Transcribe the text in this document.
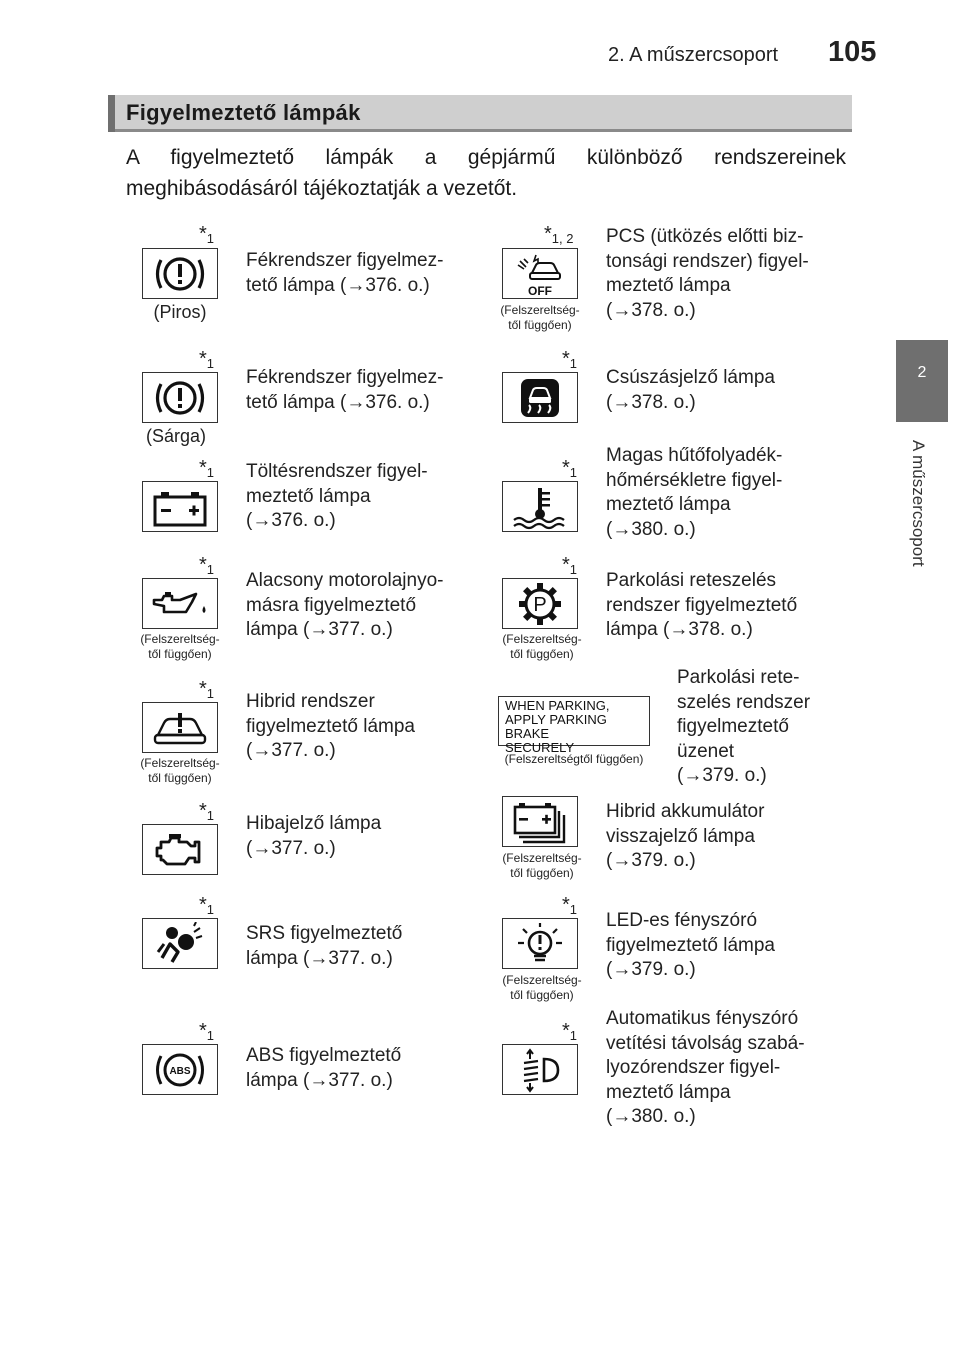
2. A műszercsoport 105
2
A műszercsoport
Figyelmeztető lámpák
A figyelmeztető lámpák a gépjármű különböző rendszereinek meghibásodásáról tájékoztatják a vezetőt.
$*_1$
(Piros)
Fékrendszer figyelmez-
tető lámpa (→376. o.)
$*_{1, 2}$
OFF
(Felszereltség-
től függően)
PCS (ütközés előtti biz-
tonsági rendszer) figyel-
meztető lámpa
(→378. o.)
$*_1$
(Sárga)
Fékrendszer figyelmez-
tető lámpa (→376. o.)
$*_1$
Csúszásjelző lámpa
(→378. o.)
$*_1$ Töltésrendszer figyel-
meztető lámpa
(→376. o.)
$*_1$
Magas hűtőfolyadék-
hőmérsékletre figyel-
meztető lámpa
(→380. o.)
$*_1$
(Felszereltség-
től függően)
Alacsony motorolajnyo-
másra figyelmeztető
lámpa (→377. o.)
$*_1$
P
(Felszereltség-
től függően)
Parkolási reteszelés
rendszer figyelmeztető
lámpa (→378. o.)
$*_1$
(Felszereltség-
től függően)
Hibrid rendszer
figyelmeztető lámpa
(→377. o.)
WHEN PARKING,
APPLY PARKING BRAKE
SECURELY
(Felszereltségtől függően)
Parkolási rete-
szelés rendszer
figyelmeztető
üzenet
(→379. o.)
$*_1$ Hibajelző lámpa
(→377. o.)	(Felszereltség-
től függően)
Hibrid akkumulátor
visszajelző lámpa
(→379. o.)
$*_1$
SRS figyelmeztető
lámpa (→377. o.)
$*_1$
(Felszereltség-
től függően)
LED-es fényszóró
figyelmeztető lámpa
(→379. o.)
$*_1$
ABS
ABS figyelmeztető
lámpa (→377. o.)
$*_1$
Automatikus fényszóró
vetítési távolság szabá-
lyozórendszer figyel-
meztető lámpa
(→380. o.)
